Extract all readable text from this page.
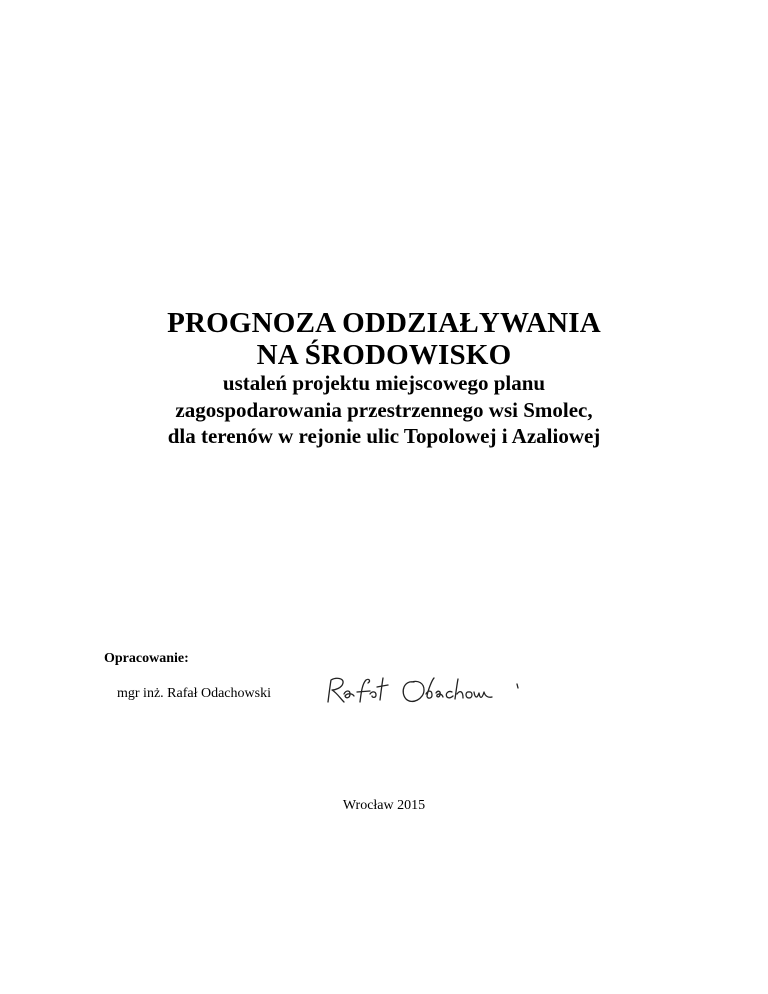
PROGNOZA ODDZIAŁYWANIA
NA ŚRODOWISKO
ustaleń projektu miejscowego planu
zagospodarowania przestrzennego wsi Smolec,
dla terenów w rejonie ulic Topolowej i Azaliowej
Opracowanie:
mgr inż. Rafał Odachowski
Wrocław 2015
